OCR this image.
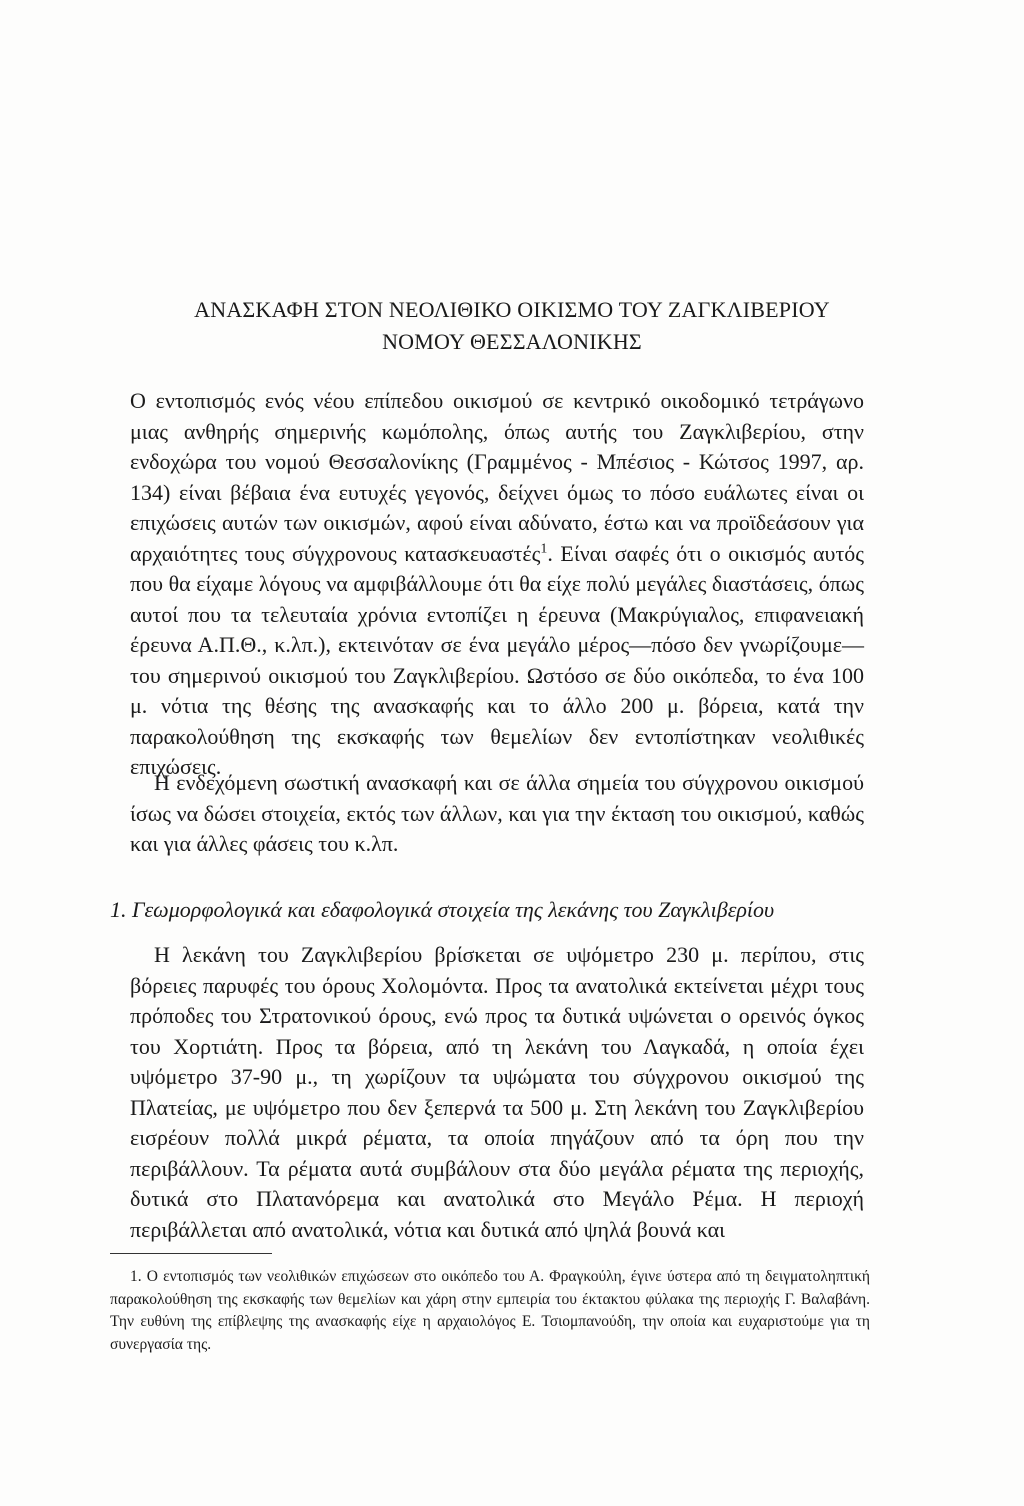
ΑΝΑΣΚΑΦΗ ΣΤΟΝ ΝΕΟΛΙΘΙΚΟ ΟΙΚΙΣΜΟ ΤΟΥ ΖΑΓΚΛΙΒΕΡΙΟΥ
ΝΟΜΟΥ ΘΕΣΣΑΛΟΝΙΚΗΣ

Ο εντοπισμός ενός νέου επίπεδου οικισμού σε κεντρικό οικοδομικό τετράγωνο μιας ανθηρής σημερινής κωμόπολης, όπως αυτής του Ζαγκλιβερίου, στην ενδοχώρα του νομού Θεσσαλονίκης (Γραμμένος - Μπέσιος - Κώτσος 1997, αρ. 134) είναι βέβαια ένα ευτυχές γεγονός, δείχνει όμως το πόσο ευάλωτες είναι οι επιχώσεις αυτών των οικισμών, αφού είναι αδύνατο, έστω και να προϊδεάσουν για αρχαιότητες τους σύγχρονους κατασκευαστές$^1$. Είναι σαφές ότι ο οικισμός αυτός που θα είχαμε λόγους να αμφιβάλλουμε ότι θα είχε πολύ μεγάλες διαστάσεις, όπως αυτοί που τα τελευταία χρόνια εντοπίζει η έρευνα (Μακρύγιαλος, επιφανειακή έρευνα Α.Π.Θ., κ.λπ.), εκτεινόταν σε ένα μεγάλο μέρος—πόσο δεν γνωρίζουμε— του σημερινού οικισμού του Ζαγκλιβερίου. Ωστόσο σε δύο οικόπεδα, το ένα 100 μ. νότια της θέσης της ανασκαφής και το άλλο 200 μ. βόρεια, κατά την παρακολούθηση της εκσκαφής των θεμελίων δεν εντοπίστηκαν νεολιθικές επιχώσεις.

Η ενδεχόμενη σωστική ανασκαφή και σε άλλα σημεία του σύγχρονου οικισμού ίσως να δώσει στοιχεία, εκτός των άλλων, και για την έκταση του οικισμού, καθώς και για άλλες φάσεις του κ.λπ.

1. Γεωμορφολογικά και εδαφολογικά στοιχεία της λεκάνης του Ζαγκλιβερίου

Η λεκάνη του Ζαγκλιβερίου βρίσκεται σε υψόμετρο 230 μ. περίπου, στις βόρειες παρυφές του όρους Χολομόντα. Προς τα ανατολικά εκτείνεται μέχρι τους πρόποδες του Στρατονικού όρους, ενώ προς τα δυτικά υψώνεται ο ορεινός όγκος του Χορτιάτη. Προς τα βόρεια, από τη λεκάνη του Λαγκαδά, η οποία έχει υψόμετρο 37-90 μ., τη χωρίζουν τα υψώματα του σύγχρονου οικισμού της Πλατείας, με υψόμετρο που δεν ξεπερνά τα 500 μ. Στη λεκάνη του Ζαγκλιβερίου εισρέουν πολλά μικρά ρέματα, τα οποία πηγάζουν από τα όρη που την περιβάλλουν. Τα ρέματα αυτά συμβάλουν στα δύο μεγάλα ρέματα της περιοχής, δυτικά στο Πλατανόρεμα και ανατολικά στο Μεγάλο Ρέμα. Η περιοχή περιβάλλεται από ανατολικά, νότια και δυτικά από ψηλά βουνά και

1. Ο εντοπισμός των νεολιθικών επιχώσεων στο οικόπεδο του Α. Φραγκούλη, έγινε ύστερα από τη δειγματοληπτική παρακολούθηση της εκσκαφής των θεμελίων και χάρη στην εμπειρία του έκτακτου φύλακα της περιοχής Γ. Βαλαβάνη. Την ευθύνη της επίβλεψης της ανασκαφής είχε η αρχαιολόγος Ε. Τσιομπανούδη, την οποία και ευχαριστούμε για τη συνεργασία της.
